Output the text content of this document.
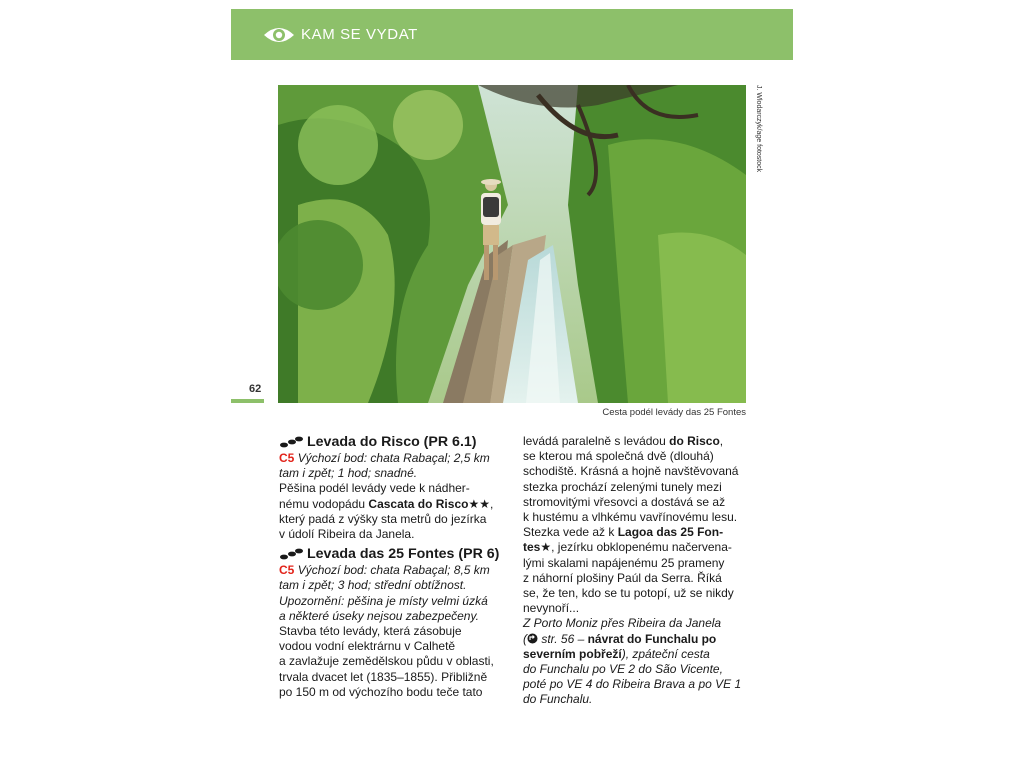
KAM SE VYDAT
J. Wlodarczyk/age fotostock
62
Cesta podél levády das 25 Fontes
Levada do Risco (PR 6.1)

C5 Výchozí bod: chata Rabaçal; 2,5 km
tam i zpět; 1 hod; snadné.

Pěšina podél levády vede k nádher-
nému vodopádu Cascata do Risco★★,
který padá z výšky sta metrů do jezírka
v údolí Ribeira da Janela.

Levada das 25 Fontes (PR 6)

C5 Výchozí bod: chata Rabaçal; 8,5 km
tam i zpět; 3 hod; střední obtížnost.
Upozornění: pěšina je místy velmi úzká
a některé úseky nejsou zabezpečeny.

Stavba této levády, která zásobuje
vodou vodní elektrárnu v Calhetě
a zavlažuje zemědělskou půdu v oblasti,
trvala dvacet let (1835–1855). Přibližně
po 150 m od výchozího bodu teče tato

levádá paralelně s levádou do Risco,
se kterou má společná dvě (dlouhá)
schodiště. Krásná a hojně navštěvovaná
stezka prochází zelenými tunely mezi
stromovitými vřesovci a dostává se až
k hustému a vlhkému vavřínovému lesu.
Stezka vede až k Lagoa das 25 Fon-
tes★, jezírku obklopenému načervena-
lými skalami napájenému 25 prameny
z náhorní plošiny Paúl da Serra. Říká
se, že ten, kdo se tu potopí, už se nikdy
nevynoří...

Z Porto Moniz přes Ribeira da Janela
( str. 56 – návrat do Funchalu po
severním pobřeží), zpáteční cesta
do Funchalu po VE 2 do São Vicente,
poté po VE 4 do Ribeira Brava a po VE 1
do Funchalu.
